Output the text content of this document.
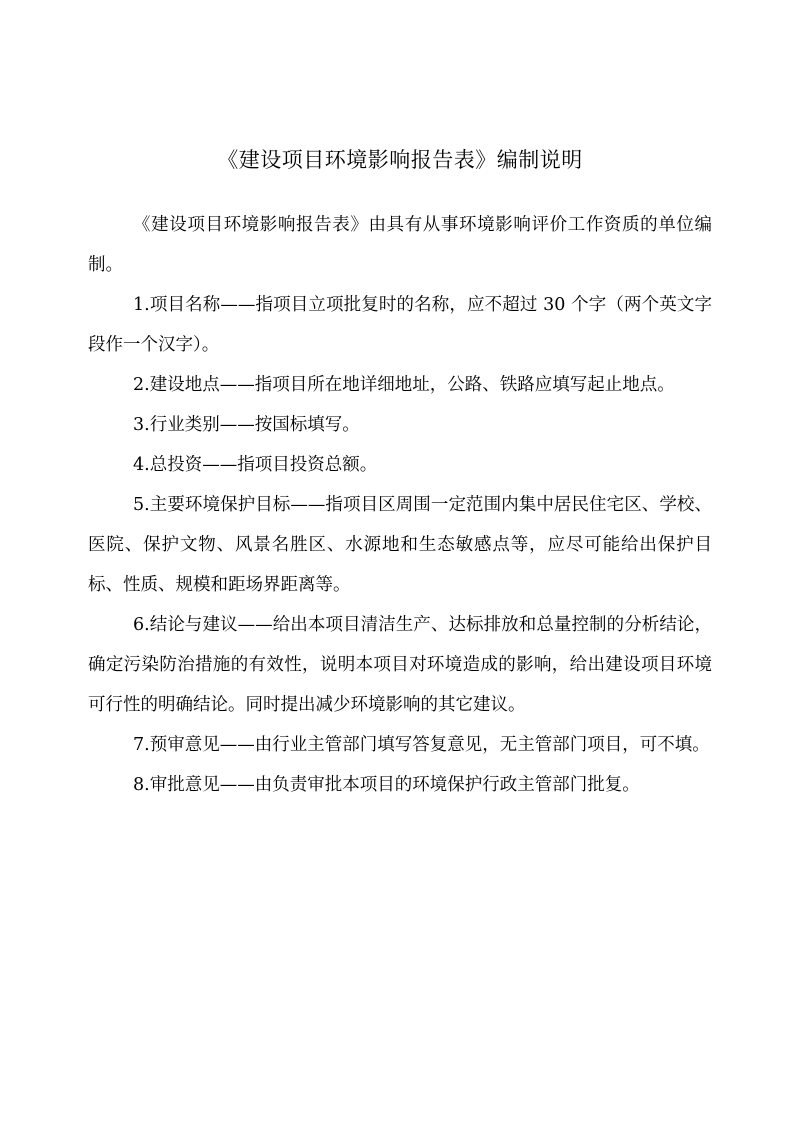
《建设项目环境影响报告表》编制说明

《建设项目环境影响报告表》由具有从事环境影响评价工作资质的单位编制。

1.项目名称——指项目立项批复时的名称，应不超过 30 个字（两个英文字段作一个汉字）。

2.建设地点——指项目所在地详细地址，公路、铁路应填写起止地点。

3.行业类别——按国标填写。

4.总投资——指项目投资总额。

5.主要环境保护目标——指项目区周围一定范围内集中居民住宅区、学校、医院、保护文物、风景名胜区、水源地和生态敏感点等，应尽可能给出保护目标、性质、规模和距场界距离等。

6.结论与建议——给出本项目清洁生产、达标排放和总量控制的分析结论，确定污染防治措施的有效性，说明本项目对环境造成的影响，给出建设项目环境可行性的明确结论。同时提出减少环境影响的其它建议。

7.预审意见——由行业主管部门填写答复意见，无主管部门项目，可不填。

8.审批意见——由负责审批本项目的环境保护行政主管部门批复。
